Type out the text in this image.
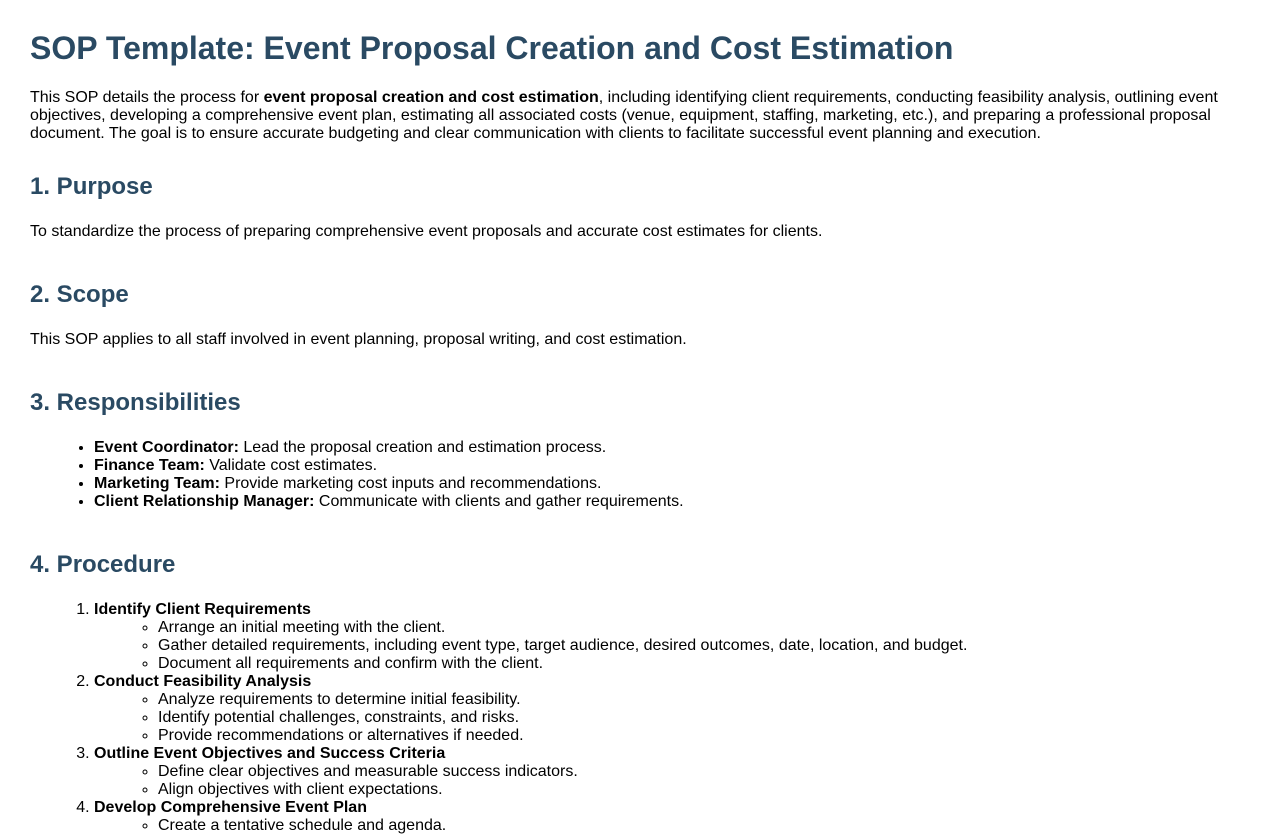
SOP Template: Event Proposal Creation and Cost Estimation

This SOP details the process for event proposal creation and cost estimation, including identifying client requirements, conducting feasibility analysis, outlining event objectives, developing a comprehensive event plan, estimating all associated costs (venue, equipment, staffing, marketing, etc.), and preparing a professional proposal document. The goal is to ensure accurate budgeting and clear communication with clients to facilitate successful event planning and execution.

1. Purpose

To standardize the process of preparing comprehensive event proposals and accurate cost estimates for clients.

2. Scope

This SOP applies to all staff involved in event planning, proposal writing, and cost estimation.

3. Responsibilities
• Event Coordinator: Lead the proposal creation and estimation process.
• Finance Team: Validate cost estimates.
• Marketing Team: Provide marketing cost inputs and recommendations.
• Client Relationship Manager: Communicate with clients and gather requirements.
4. Procedure
1. Identify Client Requirements
◦ Arrange an initial meeting with the client.
◦ Gather detailed requirements, including event type, target audience, desired outcomes, date, location, and budget.
◦ Document all requirements and confirm with the client.
2. Conduct Feasibility Analysis
◦ Analyze requirements to determine initial feasibility.
◦ Identify potential challenges, constraints, and risks.
◦ Provide recommendations or alternatives if needed.
3. Outline Event Objectives and Success Criteria
◦ Define clear objectives and measurable success indicators.
◦ Align objectives with client expectations.
4. Develop Comprehensive Event Plan
◦ Create a tentative schedule and agenda.
